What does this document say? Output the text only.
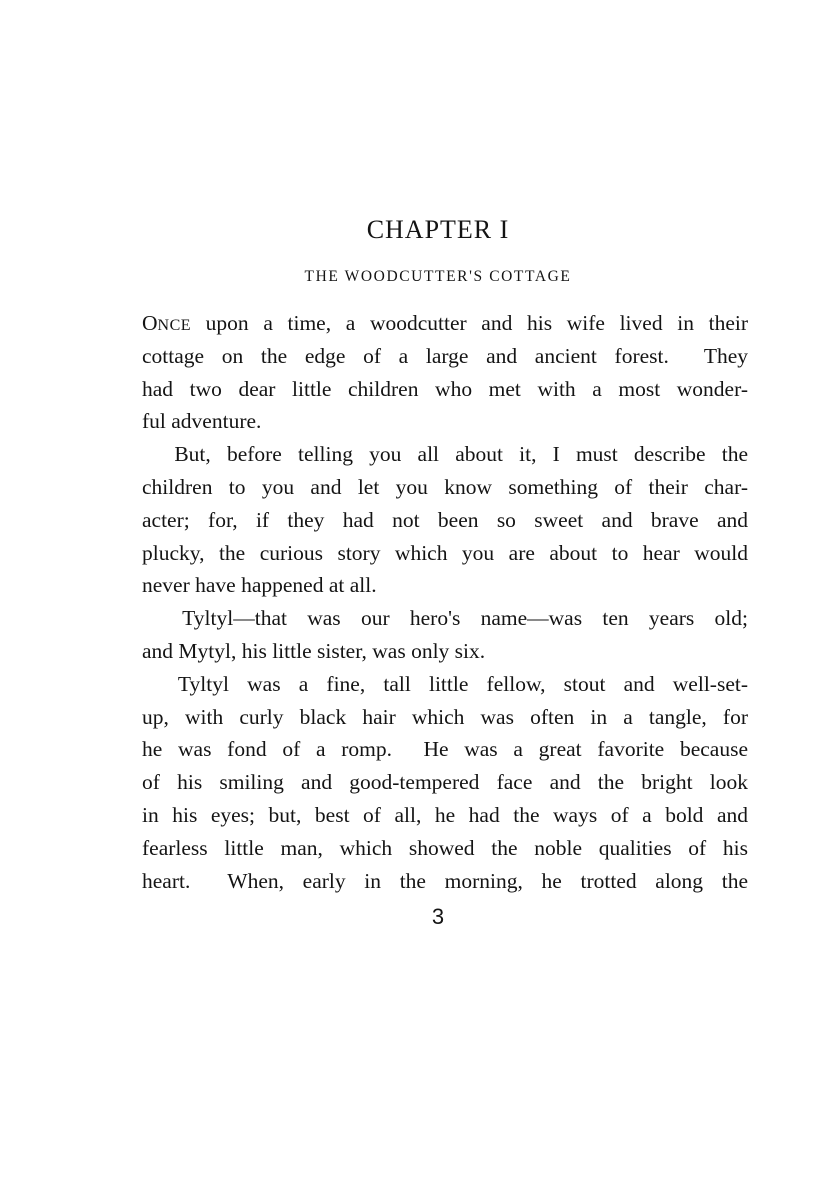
CHAPTER I
THE WOODCUTTER'S COTTAGE
ONCE upon a time, a woodcutter and his wife lived in their
cottage on the edge of a large and ancient forest.  They
had two dear little children who met with a most wonder-
ful adventure.
But, before telling you all about it, I must describe the
children to you and let you know something of their char-
acter; for, if they had not been so sweet and brave and
plucky, the curious story which you are about to hear would
never have happened at all.
Tyltyl—that was our hero's name—was ten years old;
and Mytyl, his little sister, was only six.
Tyltyl was a fine, tall little fellow, stout and well-set-
up, with curly black hair which was often in a tangle, for
he was fond of a romp.  He was a great favorite because
of his smiling and good-tempered face and the bright look
in his eyes; but, best of all, he had the ways of a bold and
fearless little man, which showed the noble qualities of his
heart.  When, early in the morning, he trotted along the
3
